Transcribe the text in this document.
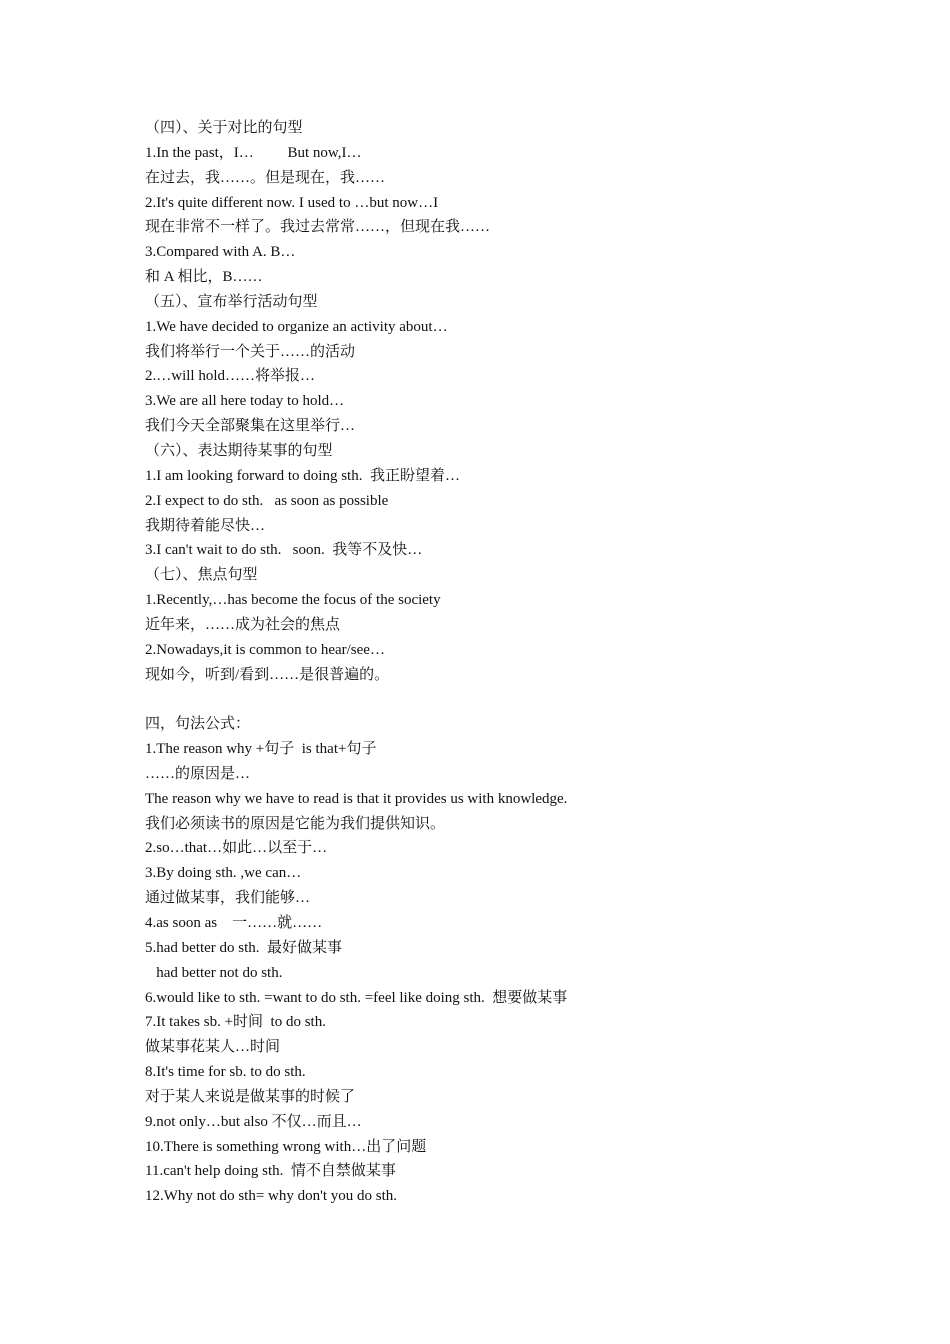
（四）、关于对比的句型
1.In the past，I…         But now,I…
在过去，我……。但是现在，我……
2.It's quite different now. I used to …but now…I
现在非常不一样了。我过去常常……，但现在我……
3.Compared with A. B…
和 A 相比，B……
（五）、宣布举行活动句型
1.We have decided to organize an activity about…
我们将举行一个关于……的活动
2.…will hold……将举报…
3.We are all here today to hold…
我们今天全部聚集在这里举行…
（六）、表达期待某事的句型
1.I am looking forward to doing sth.  我正盼望着…
2.I expect to do sth.   as soon as possible
我期待着能尽快…
3.I can't wait to do sth.   soon.  我等不及快…
（七）、焦点句型
1.Recently,…has become the focus of the society
近年来，……成为社会的焦点
2.Nowadays,it is common to hear/see…
现如今，听到/看到……是很普遍的。
四，句法公式：
1.The reason why +句子  is that+句子
……的原因是…
The reason why we have to read is that it provides us with knowledge.
我们必须读书的原因是它能为我们提供知识。
2.so…that…如此…以至于…
3.By doing sth. ,we can…
通过做某事，我们能够…
4.as soon as    一……就……
5.had better do sth.  最好做某事
had better not do sth.
6.would like to sth. =want to do sth. =feel like doing sth.  想要做某事
7.It takes sb. +时间  to do sth.
做某事花某人…时间
8.It's time for sb. to do sth.
对于某人来说是做某事的时候了
9.not only…but also 不仅…而且…
10.There is something wrong with…出了问题
11.can't help doing sth.  情不自禁做某事
12.Why not do sth= why don't you do sth.
